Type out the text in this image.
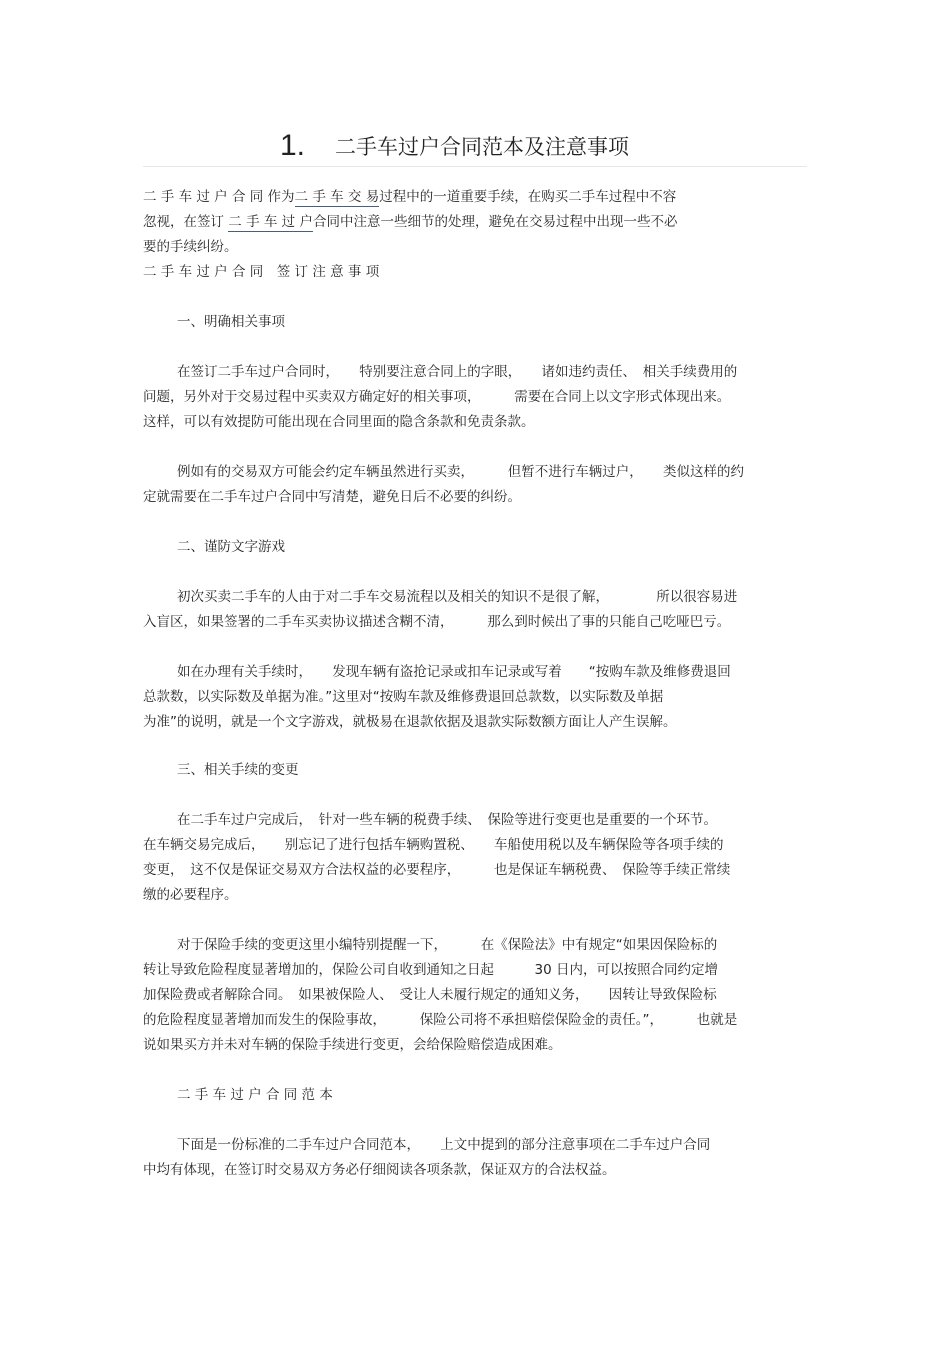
1. 二手车过户合同范本及注意事项
二 手 车 过 户 合 同 作为二 手 车 交 易过程中的一道重要手续，在购买二手车过程中不容
忽视，在签订 二 手 车 过 户合同中注意一些细节的处理，避免在交易过程中出现一些不必
要的手续纠纷。
二 手 车 过 户 合 同　签 订 注 意 事 项
一、明确相关事项
在签订二手车过户合同时，　　特别要注意合同上的字眼，　　诸如违约责任、　相关手续费用的
问题，另外对于交易过程中买卖双方确定好的相关事项，　　　需要在合同上以文字形式体现出来。
这样，可以有效提防可能出现在合同里面的隐含条款和免责条款。
例如有的交易双方可能会约定车辆虽然进行买卖，　　　但暂不进行车辆过户，　　类似这样的约
定就需要在二手车过户合同中写清楚，避免日后不必要的纠纷。
二、谨防文字游戏
初次买卖二手车的人由于对二手车交易流程以及相关的知识不是很了解，　　　　所以很容易进
入盲区，如果签署的二手车买卖协议描述含糊不清，　　　那么到时候出了事的只能自己吃哑巴亏。
如在办理有关手续时，　　发现车辆有盗抢记录或扣车记录或写着　　“按购车款及维修费退回
总款数，以实际数及单据为准。”这里对“按购车款及维修费退回总款数，以实际数及单据
为准”的说明，就是一个文字游戏，就极易在退款依据及退款实际数额方面让人产生误解。
三、相关手续的变更
在二手车过户完成后，　针对一些车辆的税费手续、　保险等进行变更也是重要的一个环节。
在车辆交易完成后，　　别忘记了进行包括车辆购置税、　　车船使用税以及车辆保险等各项手续的
变更，　这不仅是保证交易双方合法权益的必要程序，　　　也是保证车辆税费、　保险等手续正常续
缴的必要程序。
对于保险手续的变更这里小编特别提醒一下，　　　在《保险法》中有规定“如果因保险标的
转让导致危险程度显著增加的，保险公司自收到通知之日起　　　30 日内，可以按照合同约定增
加保险费或者解除合同。　如果被保险人、　受让人未履行规定的通知义务，　　因转让导致保险标
的危险程度显著增加而发生的保险事故，　　　保险公司将不承担赔偿保险金的责任。”，　　　也就是
说如果买方并未对车辆的保险手续进行变更，会给保险赔偿造成困难。
二 手 车 过 户 合 同 范 本
下面是一份标准的二手车过户合同范本，　　上文中提到的部分注意事项在二手车过户合同
中均有体现，在签订时交易双方务必仔细阅读各项条款，保证双方的合法权益。
